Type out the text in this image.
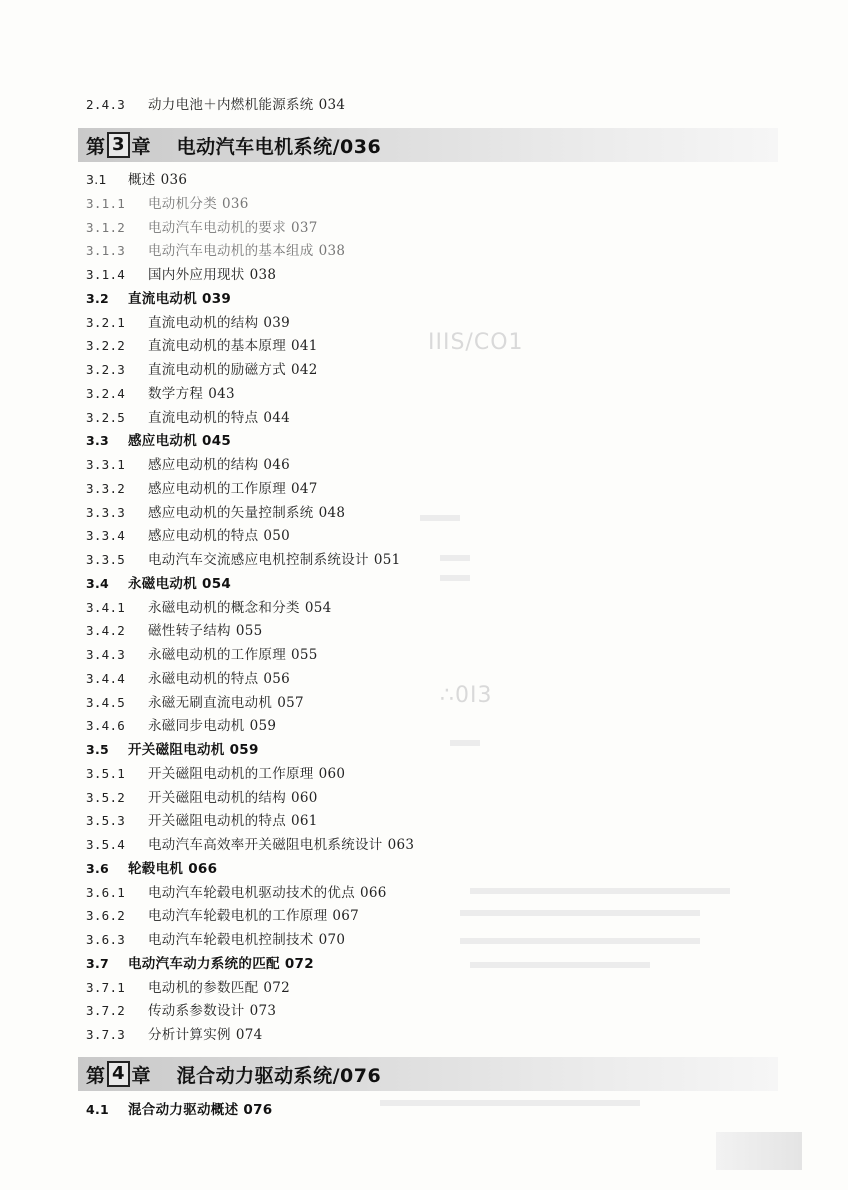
IIIS/CO1
∴0I3
2.4.3 动力电池＋内燃机能源系统 034
第 3 章 电动汽车电机系统/036
3.1 概述 036
3.1.1 电动机分类 036
3.1.2 电动汽车电动机的要求 037
3.1.3 电动汽车电动机的基本组成 038
3.1.4 国内外应用现状 038
3.2 直流电动机 039
3.2.1 直流电动机的结构 039
3.2.2 直流电动机的基本原理 041
3.2.3 直流电动机的励磁方式 042
3.2.4 数学方程 043
3.2.5 直流电动机的特点 044
3.3 感应电动机 045
3.3.1 感应电动机的结构 046
3.3.2 感应电动机的工作原理 047
3.3.3 感应电动机的矢量控制系统 048
3.3.4 感应电动机的特点 050
3.3.5 电动汽车交流感应电机控制系统设计 051
3.4 永磁电动机 054
3.4.1 永磁电动机的概念和分类 054
3.4.2 磁性转子结构 055
3.4.3 永磁电动机的工作原理 055
3.4.4 永磁电动机的特点 056
3.4.5 永磁无刷直流电动机 057
3.4.6 永磁同步电动机 059
3.5 开关磁阻电动机 059
3.5.1 开关磁阻电动机的工作原理 060
3.5.2 开关磁阻电动机的结构 060
3.5.3 开关磁阻电动机的特点 061
3.5.4 电动汽车高效率开关磁阻电机系统设计 063
3.6 轮毂电机 066
3.6.1 电动汽车轮毂电机驱动技术的优点 066
3.6.2 电动汽车轮毂电机的工作原理 067
3.6.3 电动汽车轮毂电机控制技术 070
3.7 电动汽车动力系统的匹配 072
3.7.1 电动机的参数匹配 072
3.7.2 传动系参数设计 073
3.7.3 分析计算实例 074
第 4 章 混合动力驱动系统/076
4.1 混合动力驱动概述 076
